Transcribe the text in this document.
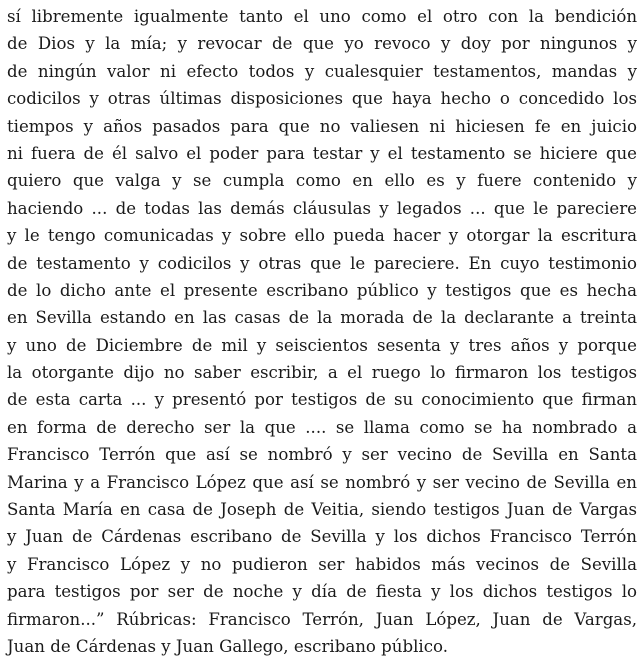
sí libremente igualmente tanto el uno como el otro con la bendición
de Dios y la mía; y revocar de que yo revoco y doy por ningunos y
de ningún valor ni efecto todos y cualesquier testamentos, mandas y
codicilos y otras últimas disposiciones que haya hecho o concedido los
tiempos y años pasados para que no valiesen ni hiciesen fe en juicio
ni fuera de él salvo el poder para testar y el testamento se hiciere que
quiero que valga y se cumpla como en ello es y fuere contenido y
haciendo ... de todas las demás cláusulas y legados ... que le pareciere
y le tengo comunicadas y sobre ello pueda hacer y otorgar la escritura
de testamento y codicilos y otras que le pareciere. En cuyo testimonio
de lo dicho ante el presente escribano público y testigos que es hecha
en Sevilla estando en las casas de la morada de la declarante a treinta
y uno de Diciembre de mil y seiscientos sesenta y tres años y porque
la otorgante dijo no saber escribir, a el ruego lo firmaron los testigos
de esta carta ... y presentó por testigos de su conocimiento que firman
en forma de derecho ser la que .... se llama como se ha nombrado a
Francisco Terrón que así se nombró y ser vecino de Sevilla en Santa
Marina y a Francisco López que así se nombró y ser vecino de Sevilla en
Santa María en casa de Joseph de Veitia, siendo testigos Juan de Vargas
y Juan de Cárdenas escribano de Sevilla y los dichos Francisco Terrón
y Francisco López y no pudieron ser habidos más vecinos de Sevilla
para testigos por ser de noche y día de fiesta y los dichos testigos lo
firmaron...” Rúbricas: Francisco Terrón, Juan López, Juan de Vargas,
Juan de Cárdenas y Juan Gallego, escribano público.
